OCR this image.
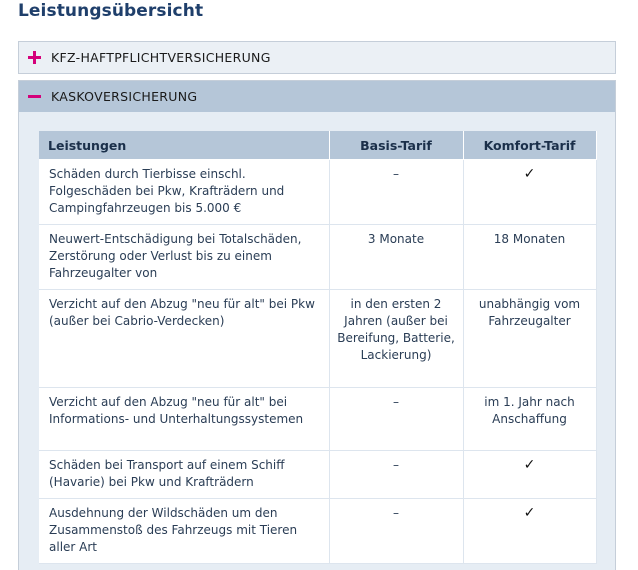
Leistungsübersicht
KFZ-HAFTPFLICHTVERSICHERUNG
KASKOVERSICHERUNG
Leistungen	Basis-Tarif	Komfort-Tarif
Schäden durch Tierbisse einschl. Folgeschäden bei Pkw, Krafträdern und Campingfahrzeugen bis 5.000 €	–	✓
Neuwert-Entschädigung bei Totalschäden, Zerstörung oder Verlust bis zu einem Fahrzeugalter von	3 Monate	18 Monaten
Verzicht auf den Abzug "neu für alt" bei Pkw (außer bei Cabrio-Verdecken)	in den ersten 2 Jahren (außer bei Bereifung, Batterie, Lackierung)	unabhängig vom Fahrzeugalter
Verzicht auf den Abzug "neu für alt" bei Informations- und Unterhaltungssystemen	–	im 1. Jahr nach Anschaffung
Schäden bei Transport auf einem Schiff (Havarie) bei Pkw und Krafträdern	–	✓
Ausdehnung der Wildschäden um den Zusammenstoß des Fahrzeugs mit Tieren aller Art	–	✓
